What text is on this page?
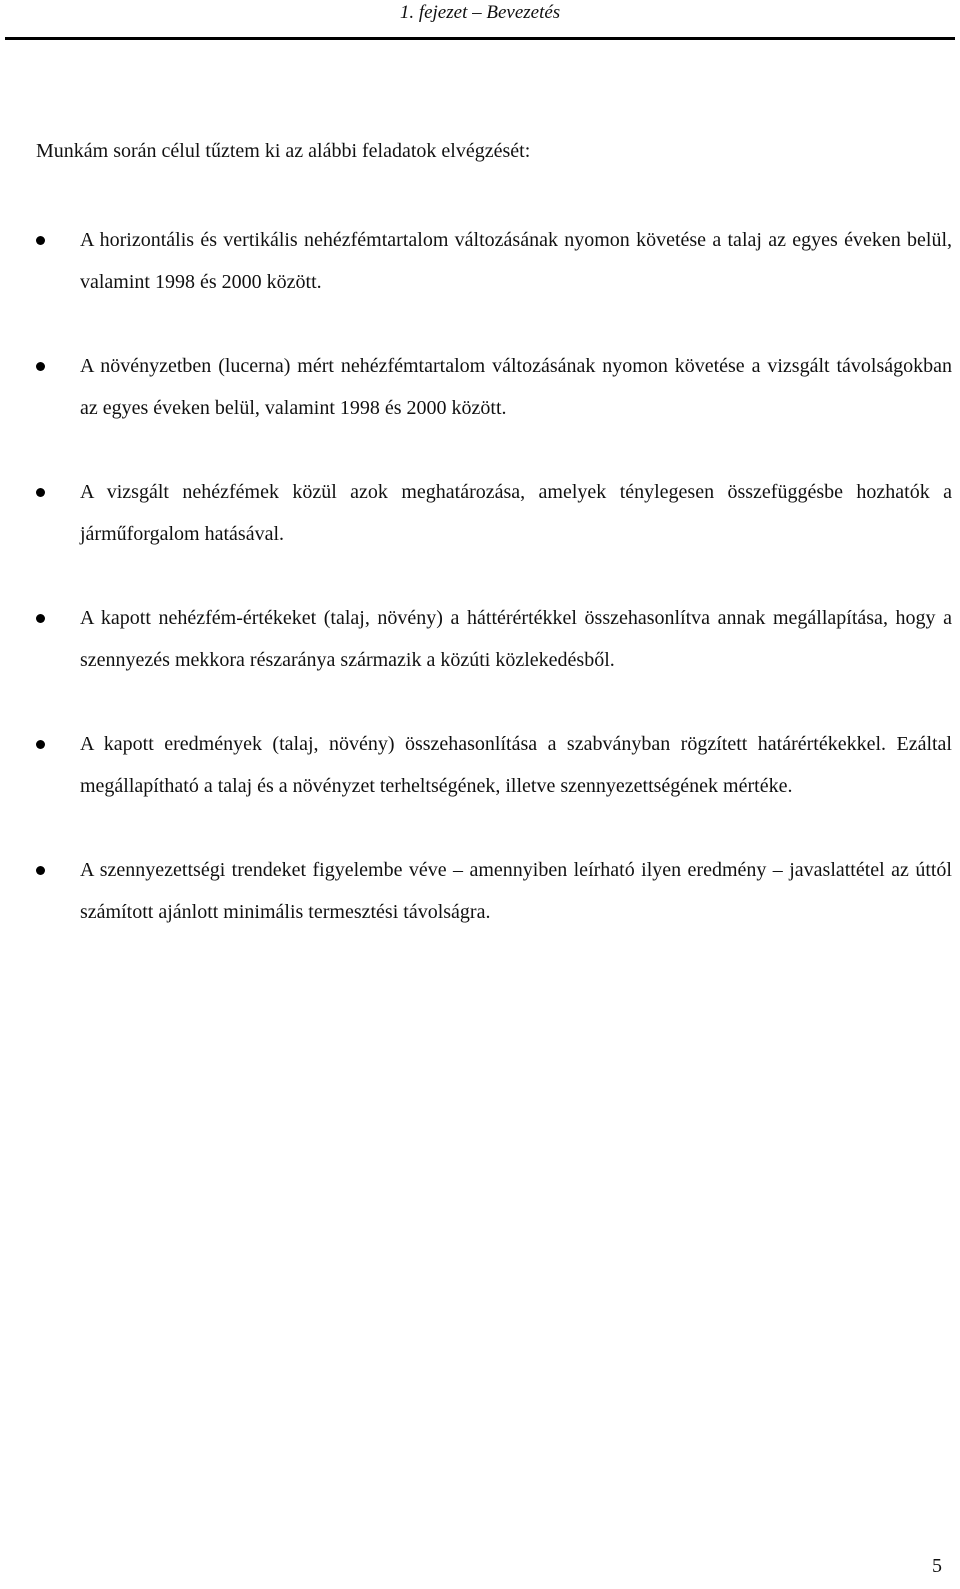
1. fejezet – Bevezetés

Munkám során célul tűztem ki az alábbi feladatok elvégzését:

A horizontális és vertikális nehézfémtartalom változásának nyomon követése a talaj az egyes éveken belül, valamint 1998 és 2000 között.
A növényzetben (lucerna) mért nehézfémtartalom változásának nyomon követése a vizsgált távolságokban az egyes éveken belül, valamint 1998 és 2000 között.
A vizsgált nehézfémek közül azok meghatározása, amelyek ténylegesen összefüggésbe hozhatók a járműforgalom hatásával.
A kapott nehézfém-értékeket (talaj, növény) a háttérértékkel összehasonlítva annak megállapítása, hogy a szennyezés mekkora részaránya származik a közúti közlekedésből.
A kapott eredmények (talaj, növény) összehasonlítása a szabványban rögzített határértékekkel. Ezáltal megállapítható a talaj és a növényzet terheltségének, illetve szennyezettségének mértéke.
A szennyezettségi trendeket figyelembe véve – amennyiben leírható ilyen eredmény – javaslattétel az úttól számított ajánlott minimális termesztési távolságra.
5
